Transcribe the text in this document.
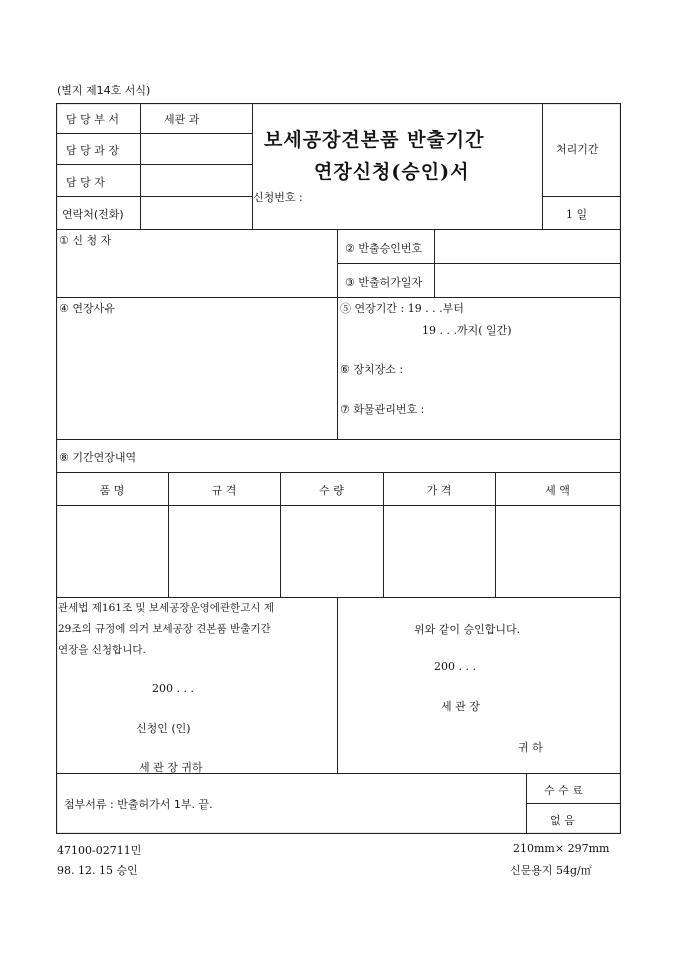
(별지 제14호 서식)
담 당 부 서	세관 과
담 당 과 장
담 당 자
연락처(전화)
보세공장견본품 반출기간
연장신청(승인)서
신청번호 :
처리기간
1 일
① 신 청 자
② 반출승인번호
③ 반출허가일자
④ 연장사유	⑤ 연장기간 : 19 . . .부터
19 . . .까지( 일간)
⑥ 장치장소 :
⑦ 화물관리번호 :
⑧ 기간연장내역
품 명	규 격	수 량	가 격	세 액
관세법 제161조 및 보세공장운영에관한고시 제
29조의 규정에 의거 보세공장 견본품 반출기간
연장을 신청합니다.
200 . . .
신청인 (인)
세 관 장 귀하
위와 같이 승인합니다.
200 . . .
세 관 장
귀 하
첨부서류 : 반출허가서 1부. 끝.
수 수 료
없 음
47100-02711민
98. 12. 15 승인
210mm× 297mm
신문용지 54g/㎡
